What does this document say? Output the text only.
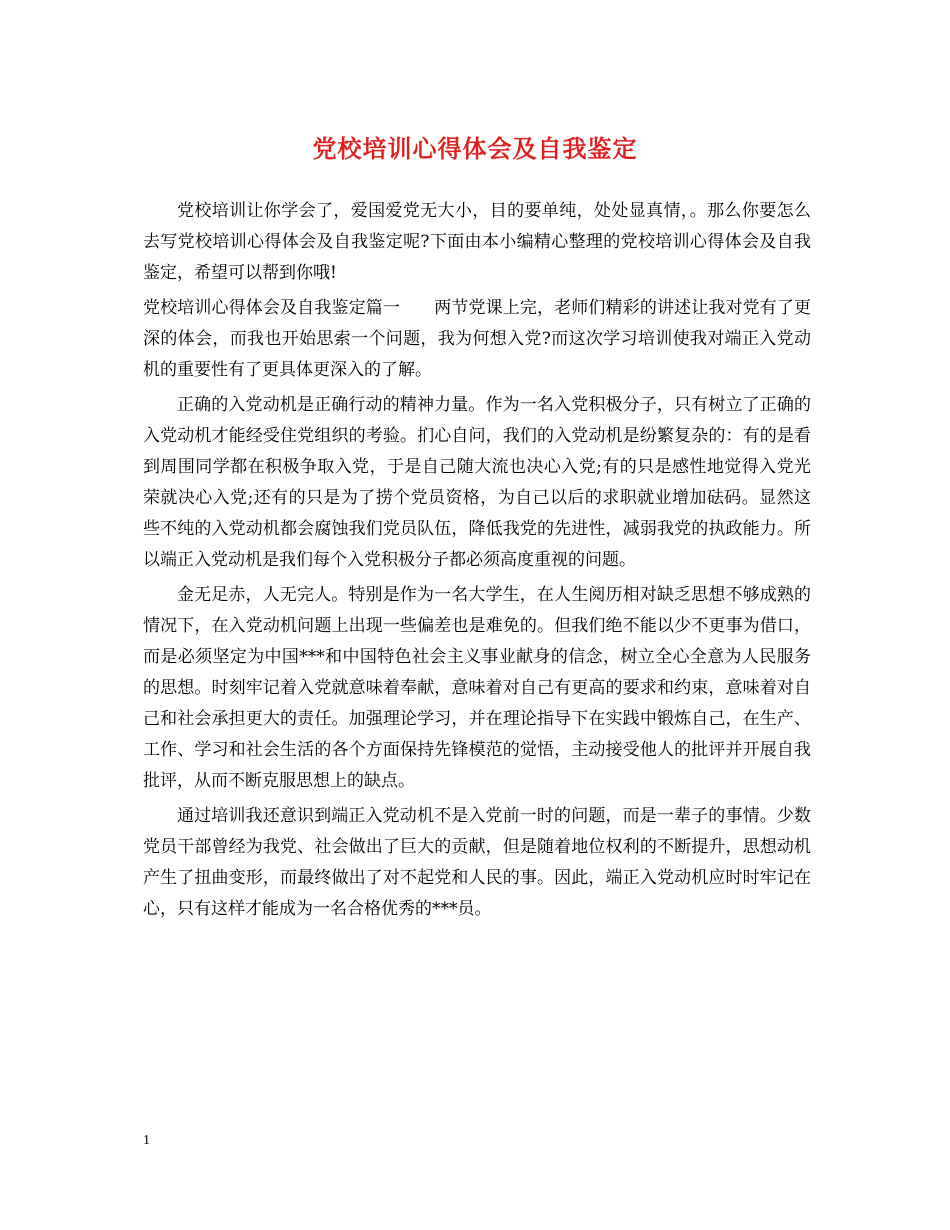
党校培训心得体会及自我鉴定

党校培训让你学会了，爱国爱党无大小，目的要单纯，处处显真情，。那么你要怎么去写党校培训心得体会及自我鉴定呢?下面由本小编精心整理的党校培训心得体会及自我鉴定，希望可以帮到你哦!

党校培训心得体会及自我鉴定篇一　　两节党课上完，老师们精彩的讲述让我对党有了更深的体会，而我也开始思索一个问题，我为何想入党?而这次学习培训使我对端正入党动机的重要性有了更具体更深入的了解。

正确的入党动机是正确行动的精神力量。作为一名入党积极分子，只有树立了正确的入党动机才能经受住党组织的考验。扪心自问，我们的入党动机是纷繁复杂的：有的是看到周围同学都在积极争取入党，于是自己随大流也决心入党;有的只是感性地觉得入党光荣就决心入党;还有的只是为了捞个党员资格，为自己以后的求职就业增加砝码。显然这些不纯的入党动机都会腐蚀我们党员队伍，降低我党的先进性，减弱我党的执政能力。所以端正入党动机是我们每个入党积极分子都必须高度重视的问题。

金无足赤，人无完人。特别是作为一名大学生，在人生阅历相对缺乏思想不够成熟的情况下，在入党动机问题上出现一些偏差也是难免的。但我们绝不能以少不更事为借口，而是必须坚定为中国***和中国特色社会主义事业献身的信念，树立全心全意为人民服务的思想。时刻牢记着入党就意味着奉献，意味着对自己有更高的要求和约束，意味着对自己和社会承担更大的责任。加强理论学习，并在理论指导下在实践中锻炼自己，在生产、工作、学习和社会生活的各个方面保持先锋模范的觉悟，主动接受他人的批评并开展自我批评，从而不断克服思想上的缺点。

通过培训我还意识到端正入党动机不是入党前一时的问题，而是一辈子的事情。少数党员干部曾经为我党、社会做出了巨大的贡献，但是随着地位权利的不断提升，思想动机产生了扭曲变形，而最终做出了对不起党和人民的事。因此，端正入党动机应时时牢记在心，只有这样才能成为一名合格优秀的***员。

1
